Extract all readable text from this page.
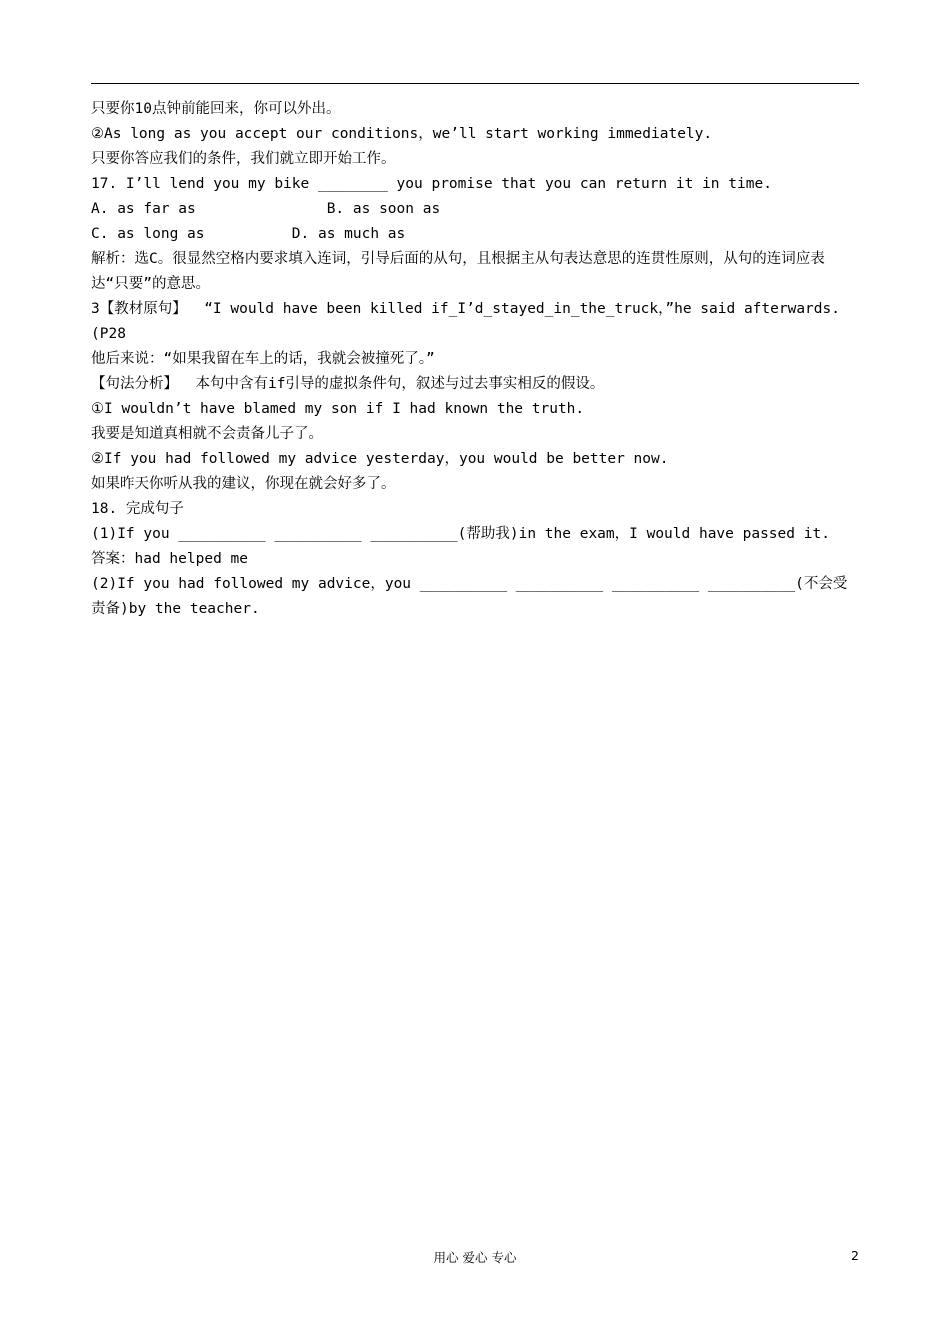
只要你10点钟前能回来，你可以外出。

②As long as you accept our conditions，we’ll start working immediately.

只要你答应我们的条件，我们就立即开始工作。

17. I’ll lend you my bike ________ you promise that you can return it in time.

A. as far as               B. as soon as

C. as long as          D. as much as

解析：选C。很显然空格内要求填入连词，引导后面的从句，且根据主从句表达意思的连贯性原则，从句的连词应表达“只要”的意思。

3【教材原句】  “I would have been killed if_I’d_stayed_in_the_truck，”he said afterwards.(P28

他后来说：“如果我留在车上的话，我就会被撞死了。”

【句法分析】  本句中含有if引导的虚拟条件句，叙述与过去事实相反的假设。

①I wouldn’t have blamed my son if I had known the truth.

我要是知道真相就不会责备儿子了。

②If you had followed my advice yesterday，you would be better now.

如果昨天你听从我的建议，你现在就会好多了。

18. 完成句子

(1)If you __________ __________ __________(帮助我)in the exam，I would have passed it.

答案：had helped me

(2)If you had followed my advice，you __________ __________ __________ __________(不会受责备)by the teacher.

用心 爱心 专心	2
